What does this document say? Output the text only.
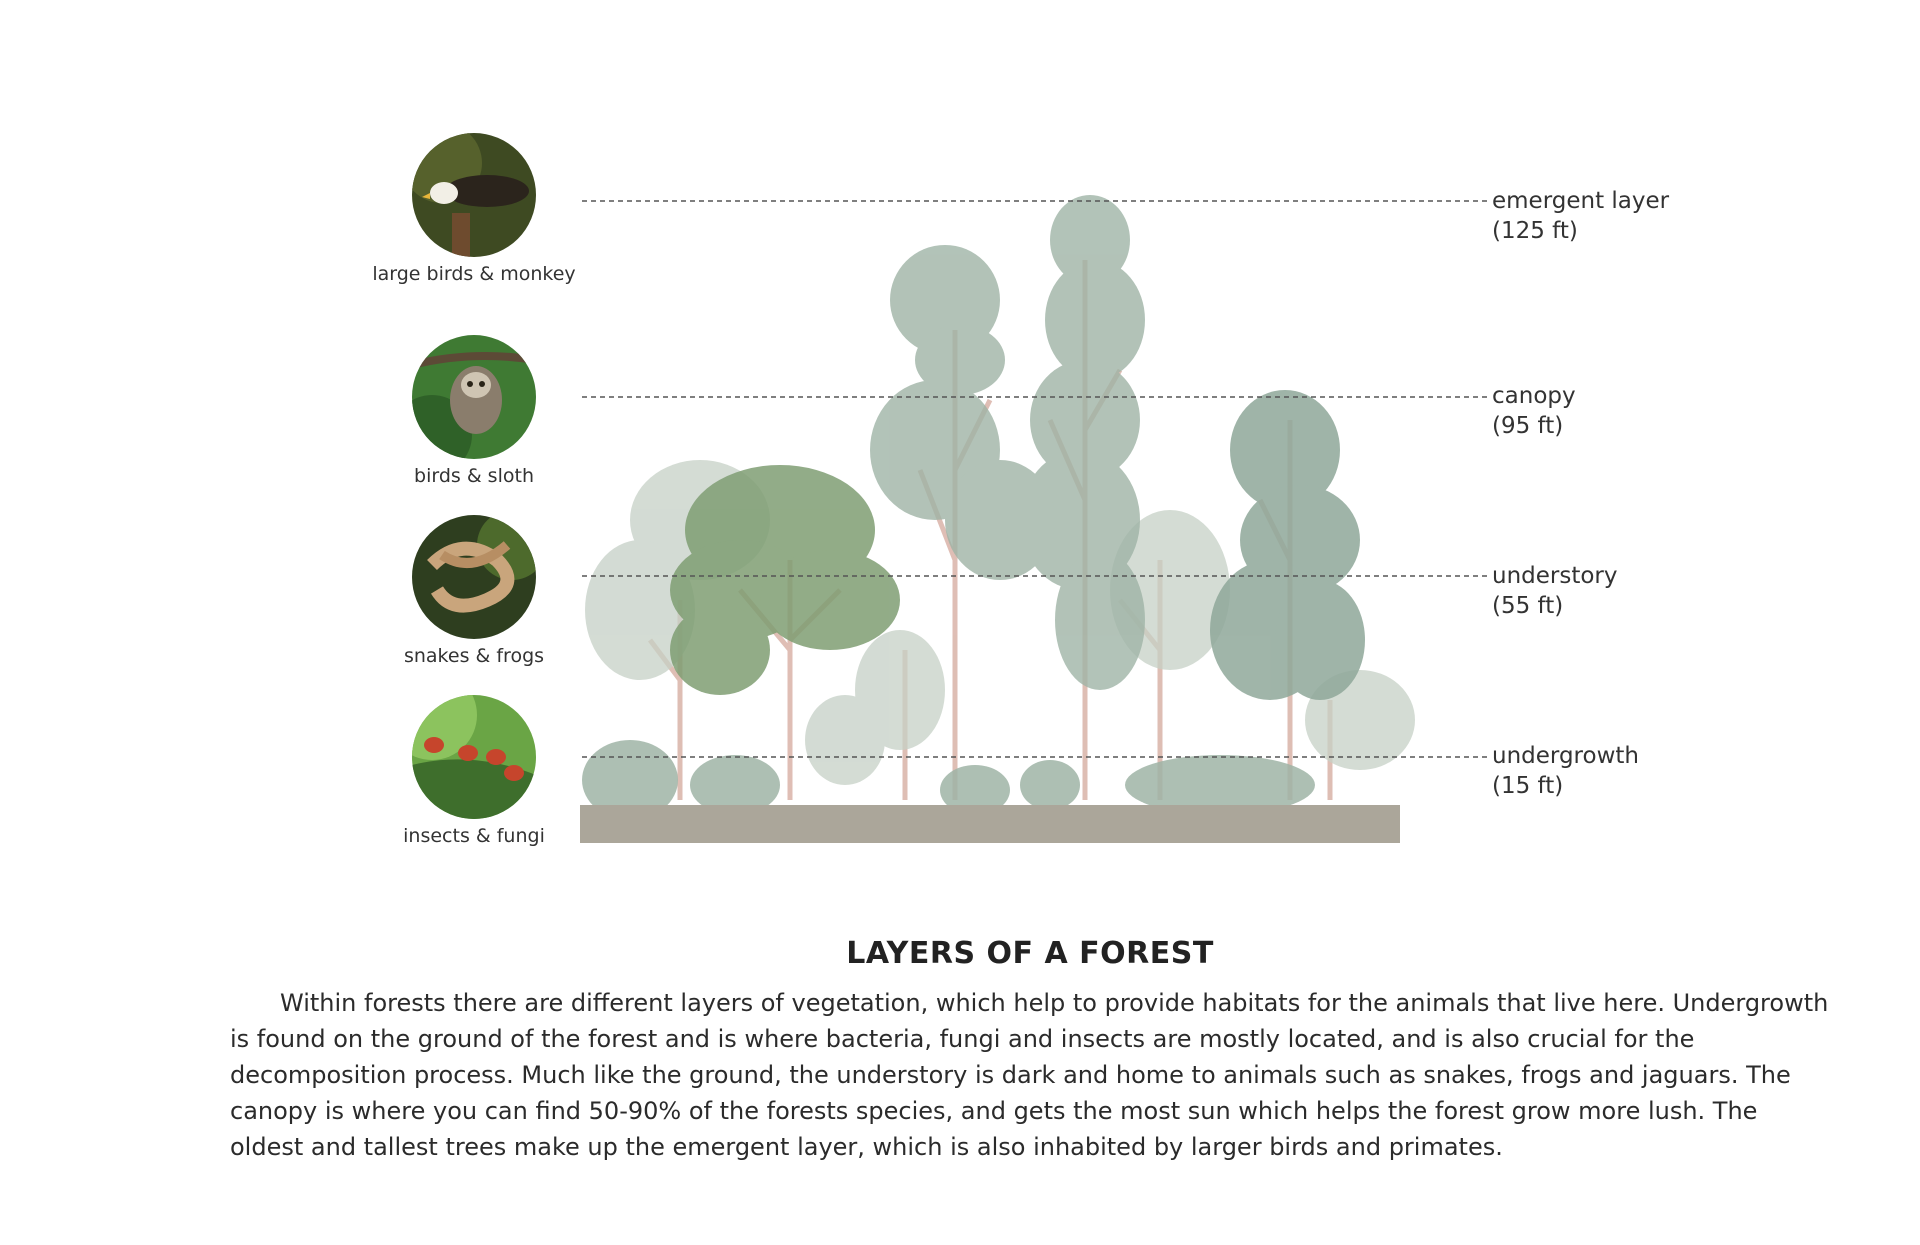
large birds & monkey
birds & sloth
snakes & frogs
insects & fungi
emergent layer
(125 ft)
canopy
(95 ft)
understory
(55 ft)
undergrowth
(15 ft)
LAYERS OF A FOREST
Within forests there are different layers of vegetation, which help to provide habitats for the animals that live here. Undergrowth is found on the ground of the forest and is where bacteria, fungi and insects are mostly located, and is also crucial for the decomposition process. Much like the ground, the understory is dark and home to animals such as snakes, frogs and jaguars. The canopy is where you can find 50-90% of the forests species, and gets the most sun which helps the forest grow more lush. The oldest and tallest trees make up the emergent layer, which is also inhabited by larger birds and primates.
